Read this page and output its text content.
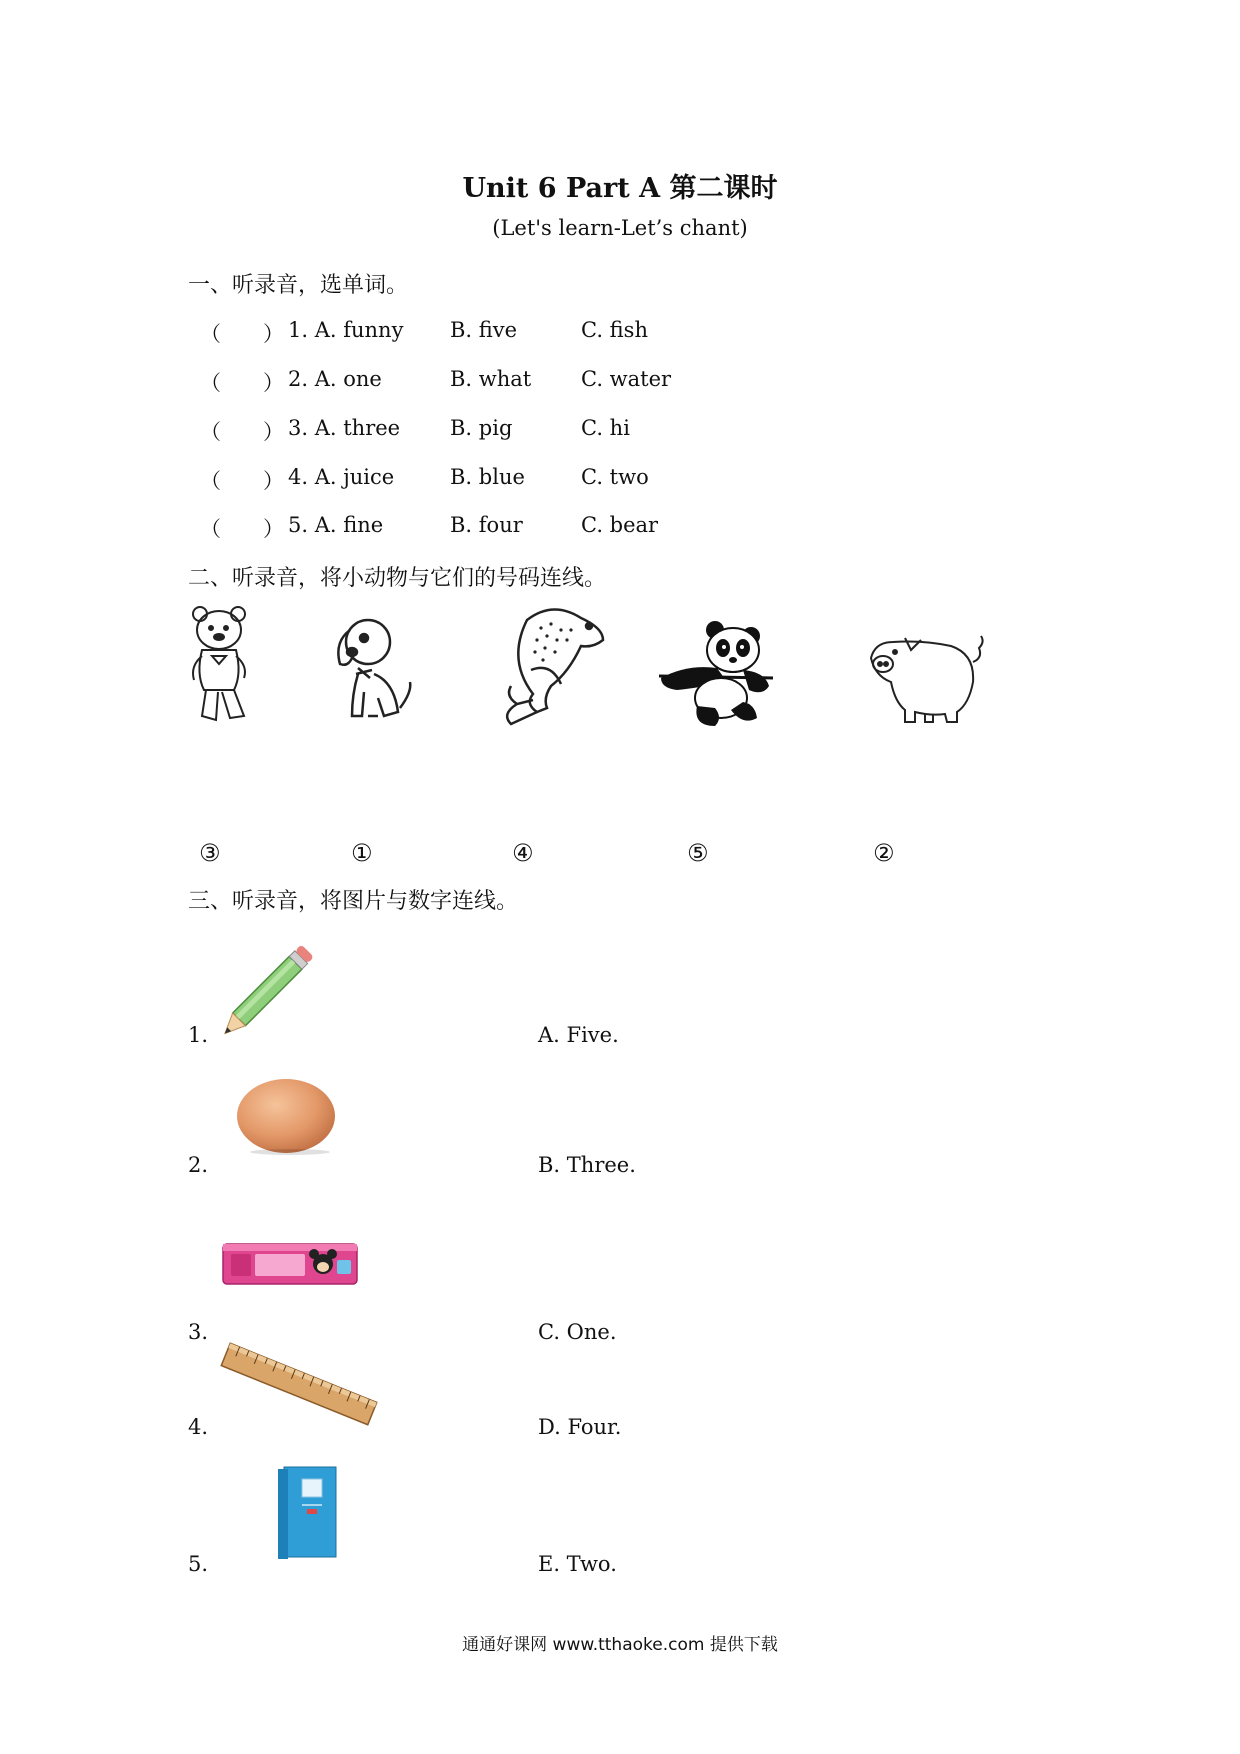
Unit 6 Part A 第二课时
(Let's learn-Let’s chant)
一、听录音，选单词。
（ ） 1. A. funny B. five	C. fish
（ ） 2. A. one	B. what C. water
（ ） 3. A. three B. pig	C. hi
（ ） 4. A. juice	B. blue	C. two
（ ） 5. A. fine	B. four	C. bear
二、听录音，将小动物与它们的号码连线。
③	①	④	⑤	②
三、听录音，将图片与数字连线。
1.	A. Five.
2.	B. Three.
3.	C. One.
4.	D. Four.
5.	E. Two.
通通好课网 www.tthaoke.com 提供下载
